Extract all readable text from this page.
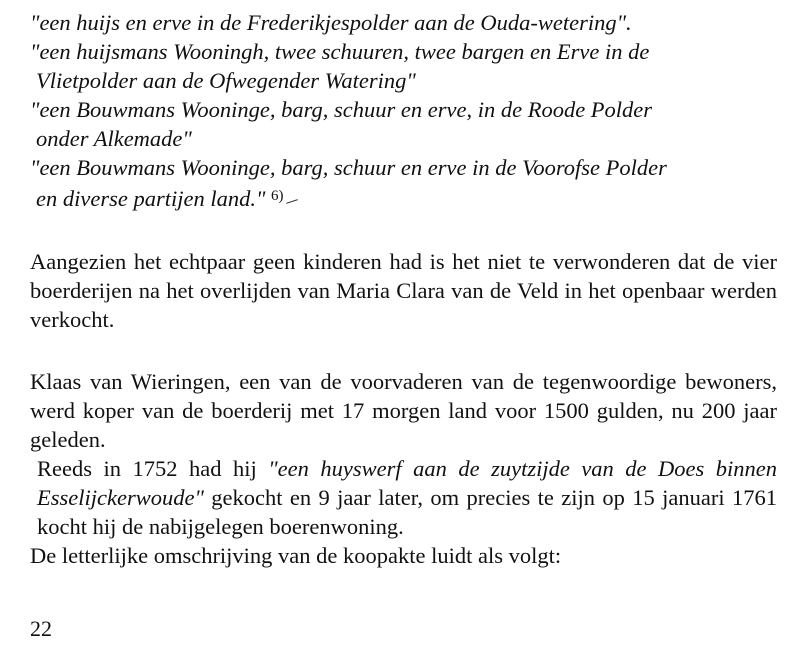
"een huijs en erve in de Frederikjespolder aan de Ouda-wetering".

"een huijsmans Wooningh, twee schuuren, twee bargen en Erve in de
Vlietpolder aan de Ofwegender Watering"

"een Bouwmans Wooninge, barg, schuur en erve, in de Roode Polder
onder Alkemade"

"een Bouwmans Wooninge, barg, schuur en erve in de Voorofse Polder
en diverse partijen land." $^{6)}$

Aangezien het echtpaar geen kinderen had is het niet te verwonderen dat de vier boerderijen na het overlijden van Maria Clara van de Veld in het openbaar werden verkocht.

Klaas van Wieringen, een van de voorvaderen van de tegenwoordige bewoners, werd koper van de boerderij met 17 morgen land voor 1500 gulden, nu 200 jaar geleden.

Reeds in 1752 had hij "een huyswerf aan de zuytzijde van de Does binnen Esselijckerwoude" gekocht en 9 jaar later, om precies te zijn op 15 januari 1761 kocht hij de nabijgelegen boerenwoning.

De letterlijke omschrijving van de koopakte luidt als volgt:

22
